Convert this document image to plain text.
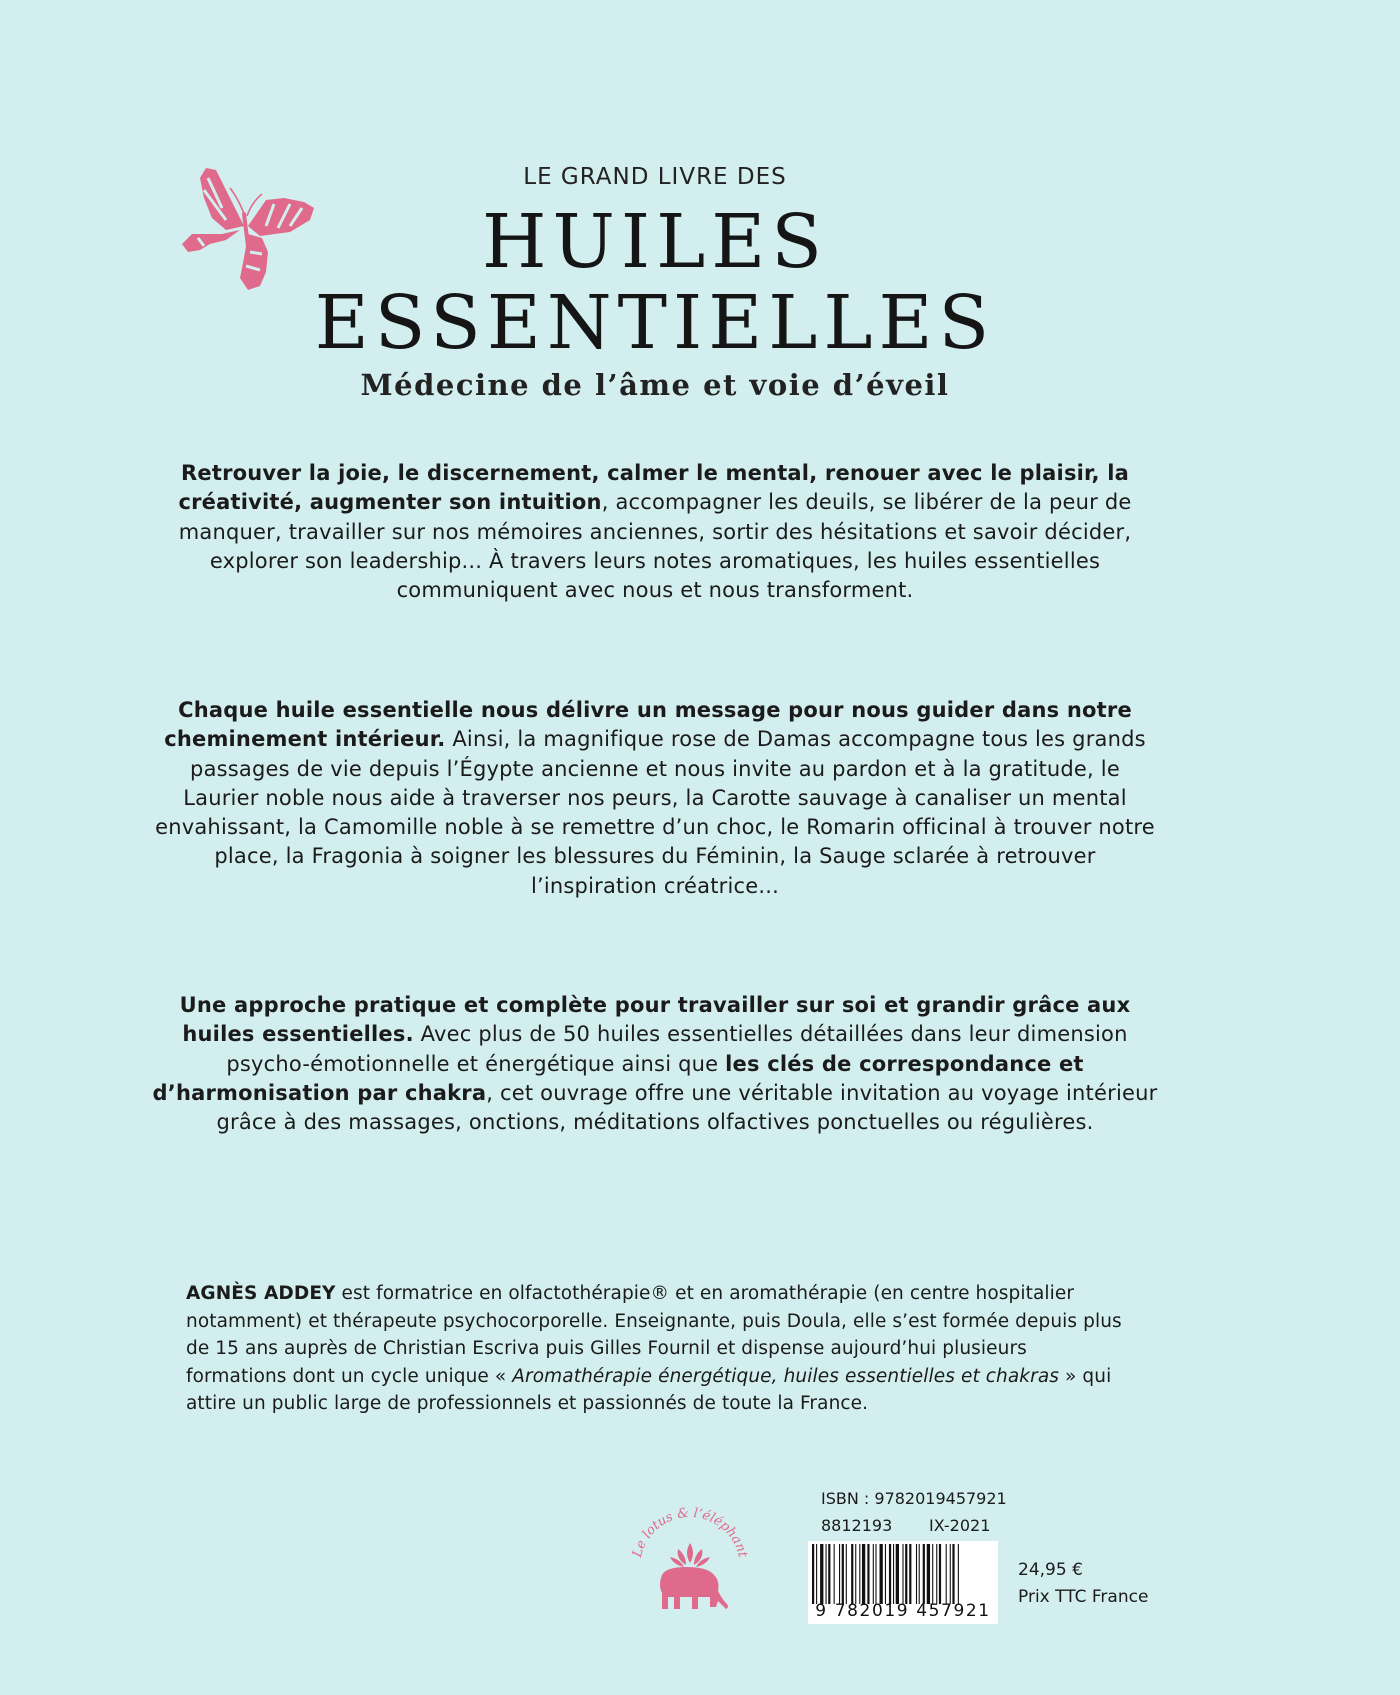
LE GRAND LIVRE DES
HUILES
ESSENTIELLES
Médecine de l’âme et voie d’éveil
Retrouver la joie, le discernement, calmer le mental, renouer avec le plaisir, la créativité, augmenter son intuition, accompagner les deuils, se libérer de la peur de manquer, travailler sur nos mémoires anciennes, sortir des hésitations et savoir décider, explorer son leadership... À travers leurs notes aromatiques, les huiles essentielles communiquent avec nous et nous transforment.
Chaque huile essentielle nous délivre un message pour nous guider dans notre cheminement intérieur. Ainsi, la magnifique rose de Damas accompagne tous les grands passages de vie depuis l’Égypte ancienne et nous invite au pardon et à la gratitude, le Laurier noble nous aide à traverser nos peurs, la Carotte sauvage à canaliser un mental envahissant, la Camomille noble à se remettre d’un choc, le Romarin officinal à trouver notre place, la Fragonia à soigner les blessures du Féminin, la Sauge sclarée à retrouver l’inspiration créatrice...
Une approche pratique et complète pour travailler sur soi et grandir grâce aux huiles essentielles. Avec plus de 50 huiles essentielles détaillées dans leur dimension psycho-émotionnelle et énergétique ainsi que les clés de correspondance et d’harmonisation par chakra, cet ouvrage offre une véritable invitation au voyage intérieur grâce à des massages, onctions, méditations olfactives ponctuelles ou régulières.
AGNÈS ADDEY est formatrice en olfactothérapie® et en aromathérapie (en centre hospitalier notamment) et thérapeute psychocorporelle. Enseignante, puis Doula, elle s’est formée depuis plus de 15 ans auprès de Christian Escriva puis Gilles Fournil et dispense aujourd’hui plusieurs formations dont un cycle unique « Aromathérapie énergétique, huiles essentielles et chakras » qui attire un public large de professionnels et passionnés de toute la France.
Le lotus & l’éléphant
ISBN : 9782019457921
8812193 IX-2021
9 782019 457921
24,95 €
Prix TTC France
